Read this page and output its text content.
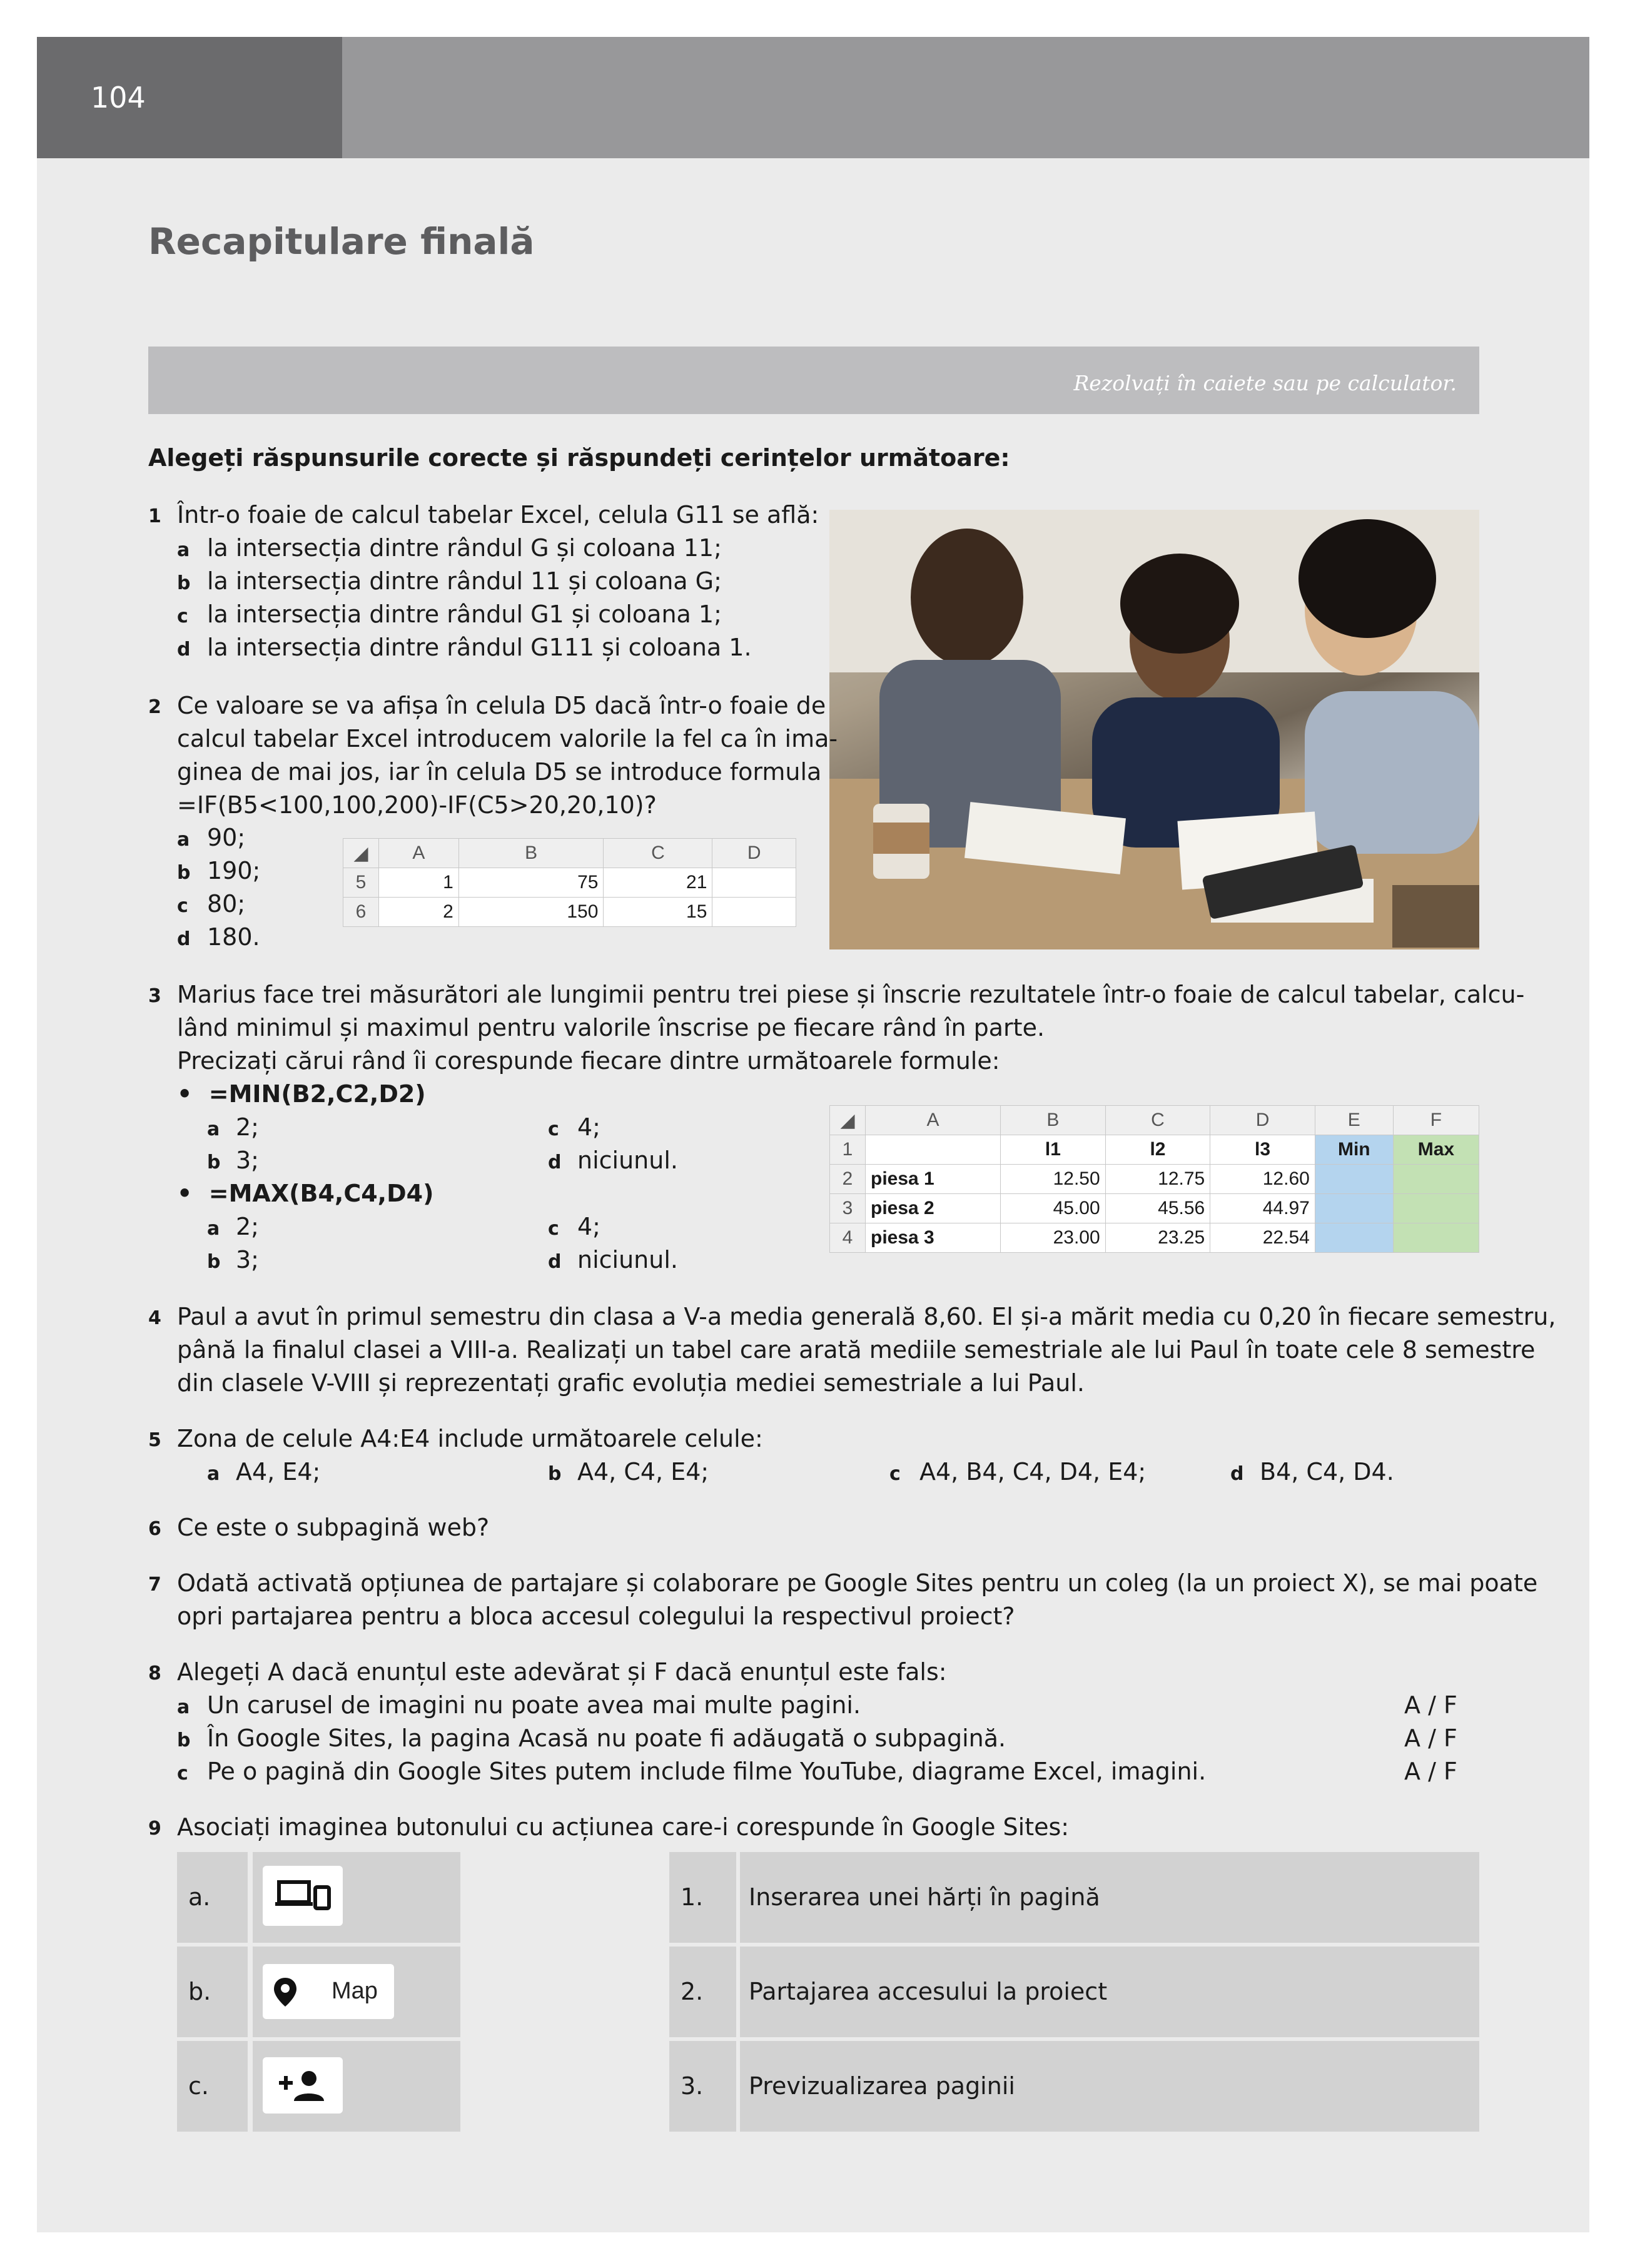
104
Recapitulare finală
Rezolvați în caiete sau pe calculator.
Alegeți răspunsurile corecte și răspundeți cerințelor următoare:
1 Într-o foaie de calcul tabelar Excel, celula G11 se află:
a la intersecția dintre rândul G și coloana 11;
b la intersecția dintre rândul 11 și coloana G;
c la intersecția dintre rândul G1 și coloana 1;
d la intersecția dintre rândul G111 și coloana 1.
2 Ce valoare se va afișa în celula D5 dacă într-o foaie de
calcul tabelar Excel introducem valorile la fel ca în ima-
ginea de mai jos, iar în celula D5 se introduce formula
=IF(B5<100,100,200)-IF(C5>20,20,10)?
a 90;
b 190;
c 80;
d 180.
◢	A	B	C	D
5	1	75	21	
6	2	150	15	
3 Marius face trei măsurători ale lungimii pentru trei piese și înscrie rezultatele într-o foaie de calcul tabelar, calcu-
lând minimul și maximul pentru valorile înscrise pe fiecare rând în parte.
Precizați cărui rând îi corespunde fiecare dintre următoarele formule:
•  =MIN(B2,C2,D2)
a 2;	c 4;
b 3;	d niciunul.
•  =MAX(B4,C4,D4)
a 2;	c 4;
b 3;	d niciunul.
◢	A	B	C	D	E	F
1		l1	l2	l3	Min	Max
2	piesa 1	12.50	12.75	12.60		
3	piesa 2	45.00	45.56	44.97		
4	piesa 3	23.00	23.25	22.54		
4 Paul a avut în primul semestru din clasa a V-a media generală 8,60. El și-a mărit media cu 0,20 în fiecare semestru,
până la finalul clasei a VIII-a. Realizați un tabel care arată mediile semestriale ale lui Paul în toate cele 8 semestre
din clasele V-VIII și reprezentați grafic evoluția mediei semestriale a lui Paul.
5 Zona de celule A4:E4 include următoarele celule:
a A4, E4;	b A4, C4, E4;	c A4, B4, C4, D4, E4;	d B4, C4, D4.
6 Ce este o subpagină web?
7 Odată activată opțiunea de partajare și colaborare pe Google Sites pentru un coleg (la un proiect X), se mai poate
opri partajarea pentru a bloca accesul colegului la respectivul proiect?
8 Alegeți A dacă enunțul este adevărat și F dacă enunțul este fals:
a Un carusel de imagini nu poate avea mai multe pagini.	A / F
b În Google Sites, la pagina Acasă nu poate fi adăugată o subpagină.	A / F
c Pe o pagină din Google Sites putem include filme YouTube, diagrame Excel, imagini.	A / F
9 Asociați imaginea butonului cu acțiunea care-i corespunde în Google Sites:
a.
b.	Map
c.
1. Inserarea unei hărți în pagină
2. Partajarea accesului la proiect
3. Previzualizarea paginii
